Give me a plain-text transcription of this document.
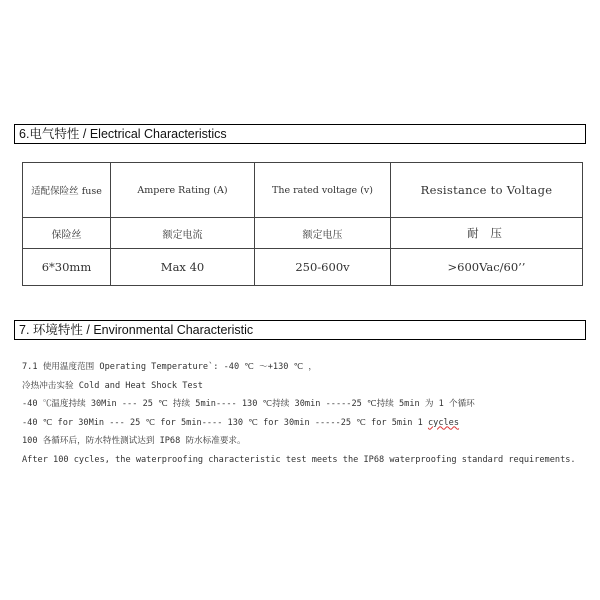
6.电气特性 / Electrical Characteristics
适配保险丝 fuse	Ampere Rating (A)	The rated voltage (v)	Resistance to Voltage
保险丝	额定电流	额定电压	耐 压
6*30mm	Max 40	250-600v	>600Vac/60’’
7. 环境特性 / Environmental Characteristic
7.1 使用温度范围 Operating Temperature`: -40 ℃ ～+130 ℃ ，
冷热冲击实验 Cold and Heat Shock Test
-40 ℃温度持续 30Min --- 25 ℃ 持续 5min---- 130 ℃持续 30min -----25 ℃持续 5min 为 1 个循环
-40 ℃ for 30Min --- 25 ℃ for 5min---- 130 ℃ for 30min -----25 ℃ for 5min 1 cycles
100 各循环后，防水特性测试达到 IP68 防水标准要求。
After 100 cycles, the waterproofing characteristic test meets the IP68 waterproofing standard requirements.
